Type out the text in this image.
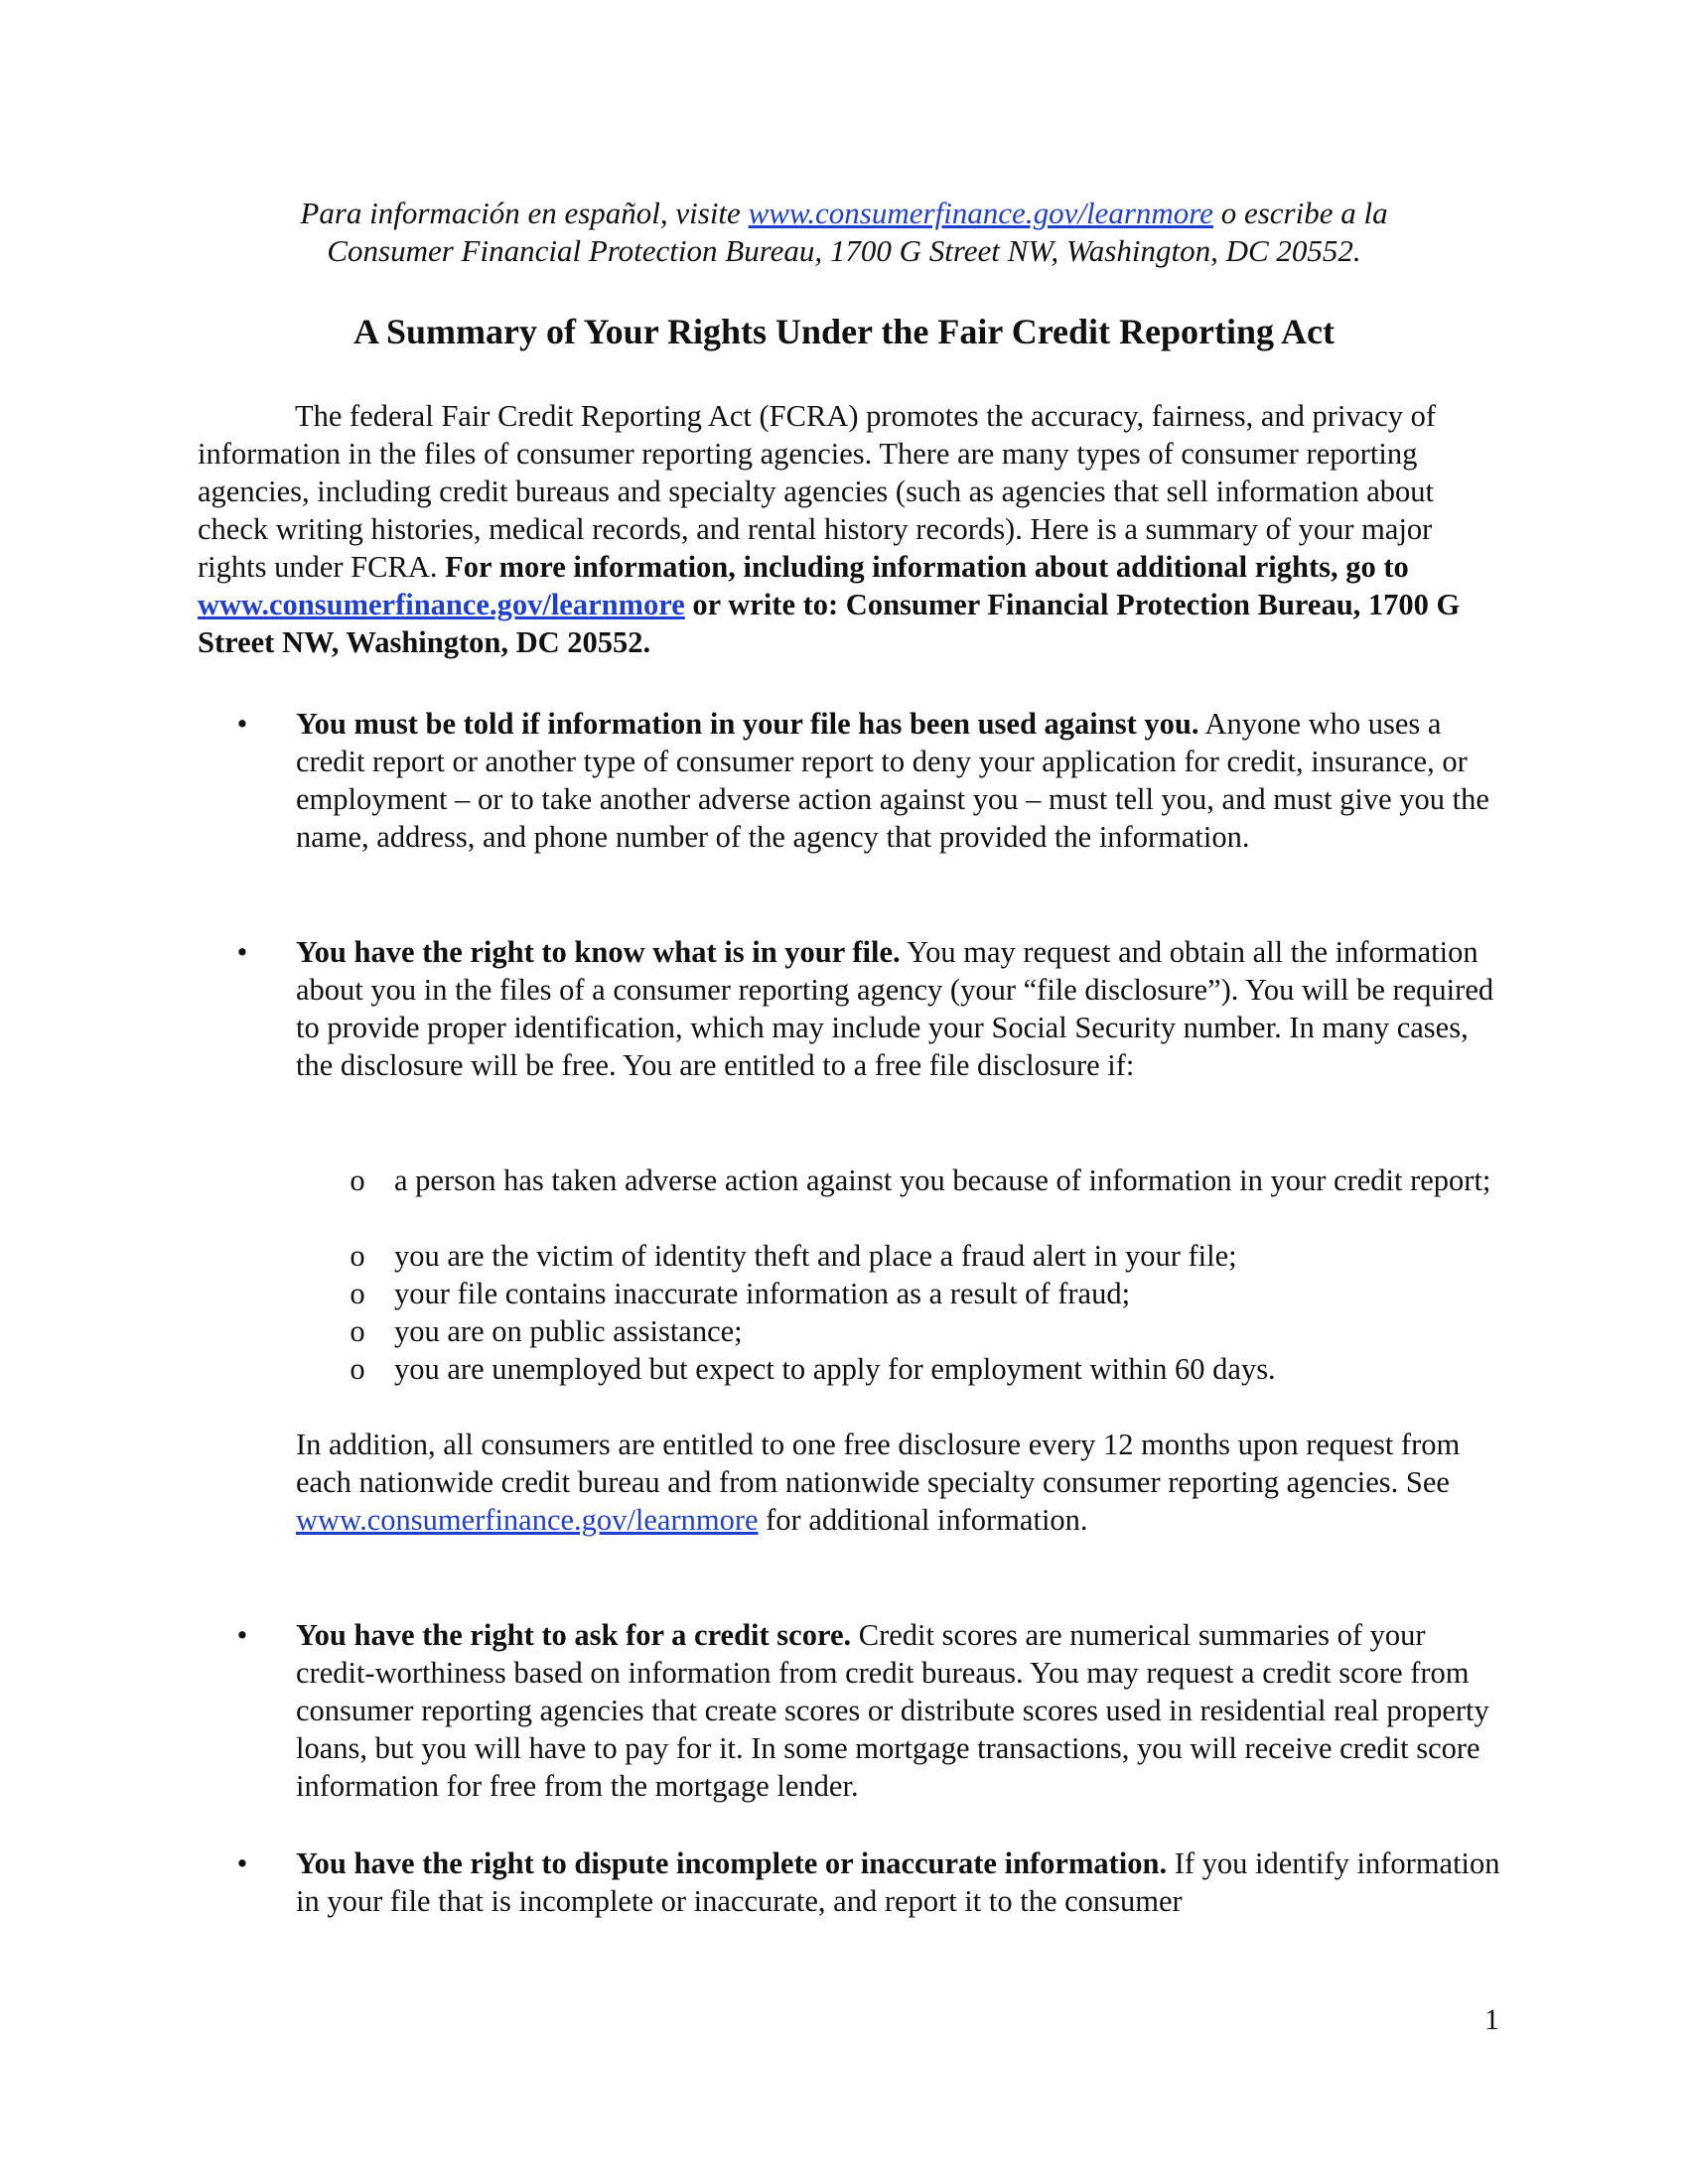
Para información en español, visite www.consumerfinance.gov/learnmore o escribe a la
Consumer Financial Protection Bureau, 1700 G Street NW, Washington, DC 20552.
A Summary of Your Rights Under the Fair Credit Reporting Act

The federal Fair Credit Reporting Act (FCRA) promotes the accuracy, fairness, and privacy of information in the files of consumer reporting agencies. There are many types of consumer reporting agencies, including credit bureaus and specialty agencies (such as agencies that sell information about check writing histories, medical records, and rental history records). Here is a summary of your major rights under FCRA. For more information, including information about additional rights, go to www.consumerfinance.gov/learnmore or write to: Consumer Financial Protection Bureau, 1700 G Street NW, Washington, DC 20552.

• You must be told if information in your file has been used against you. Anyone who uses a credit report or another type of consumer report to deny your application for credit, insurance, or employment – or to take another adverse action against you – must tell you, and must give you the name, address, and phone number of the agency that provided the information.

• You have the right to know what is in your file. You may request and obtain all the information about you in the files of a consumer reporting agency (your “file disclosure”). You will be required to provide proper identification, which may include your Social Security number. In many cases, the disclosure will be free. You are entitled to a free file disclosure if:

o a person has taken adverse action against you because of information in your credit report;

o you are the victim of identity theft and place a fraud alert in your file;

o your file contains inaccurate information as a result of fraud;

o you are on public assistance;

o you are unemployed but expect to apply for employment within 60 days.

In addition, all consumers are entitled to one free disclosure every 12 months upon request from each nationwide credit bureau and from nationwide specialty consumer reporting agencies. See www.consumerfinance.gov/learnmore for additional information.

• You have the right to ask for a credit score. Credit scores are numerical summaries of your credit-worthiness based on information from credit bureaus. You may request a credit score from consumer reporting agencies that create scores or distribute scores used in residential real property loans, but you will have to pay for it. In some mortgage transactions, you will receive credit score information for free from the mortgage lender.

• You have the right to dispute incomplete or inaccurate information. If you identify information in your file that is incomplete or inaccurate, and report it to the consumer

1
